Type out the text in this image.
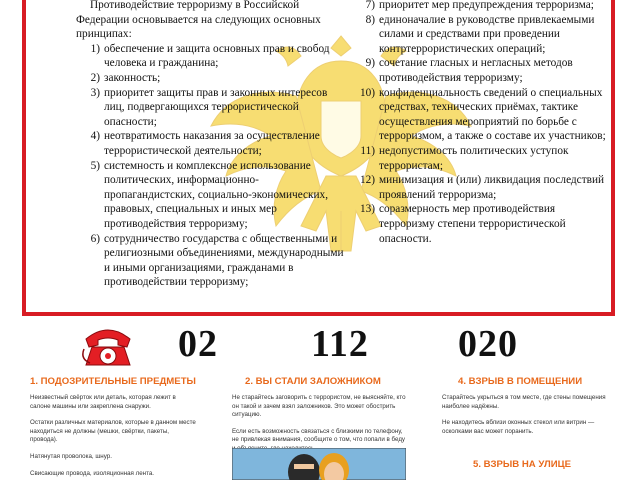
Противодействие терроризму в Российской Федерации основывается на следующих основных принципах:

1) обеспечение и защита основных прав и свобод человека и гражданина;
2) законность;
3) приоритет защиты прав и законных интересов лиц, подвергающихся террористической опасности;
4) неотвратимость наказания за осуществление террористической деятельности;
5) системность и комплексное использование политических, информационно-пропагандистских, социально-экономических, правовых, специальных и иных мер противодействия терроризму;
6) сотрудничество государства с общественными и религиозными объединениями, международными и иными организациями, гражданами в противодействии терроризму;
7) приоритет мер предупреждения терроризма;
8) единоначалие в руководстве привлекаемыми силами и средствами при проведении контртеррористических операций;
9) сочетание гласных и негласных методов противодействия терроризму;
10) конфиденциальность сведений о специальных средствах, технических приёмах, тактике осуществления мероприятий по борьбе с терроризмом, а также о составе их участников;
11) недопустимость политических уступок террористам;
12) минимизация и (или) ликвидация последствий проявлений терроризма;
13) соразмерность мер противодействия терроризму степени террористической опасности.
02 112 020
1. ПОДОЗРИТЕЛЬНЫЕ ПРЕДМЕТЫ

Неизвестный свёрток или деталь, которая лежит в салоне машины или закреплена снаружи.

Остатки различных материалов, которые в данном месте находиться не должны (мешки, свёртки, пакеты, провода).

Натянутая проволока, шнур.

Свисающие провода, изоляционная лента.

2. ВЫ СТАЛИ ЗАЛОЖНИКОМ

Не старайтесь заговорить с террористом, не выясняйте, кто он такой и зачем взял заложников. Это может обострить ситуацию.

Если есть возможность связаться с близкими по телефону, не привлекая внимания, сообщите о том, что попали в беду

4. ВЗРЫВ В ПОМЕЩЕНИИ

Старайтесь укрыться в том месте, где стены помещения наиболее надёжны.

Не находитесь вблизи оконных стекол или витрин — осколками вас может поранить.

5. ВЗРЫВ НА УЛИЦЕ
